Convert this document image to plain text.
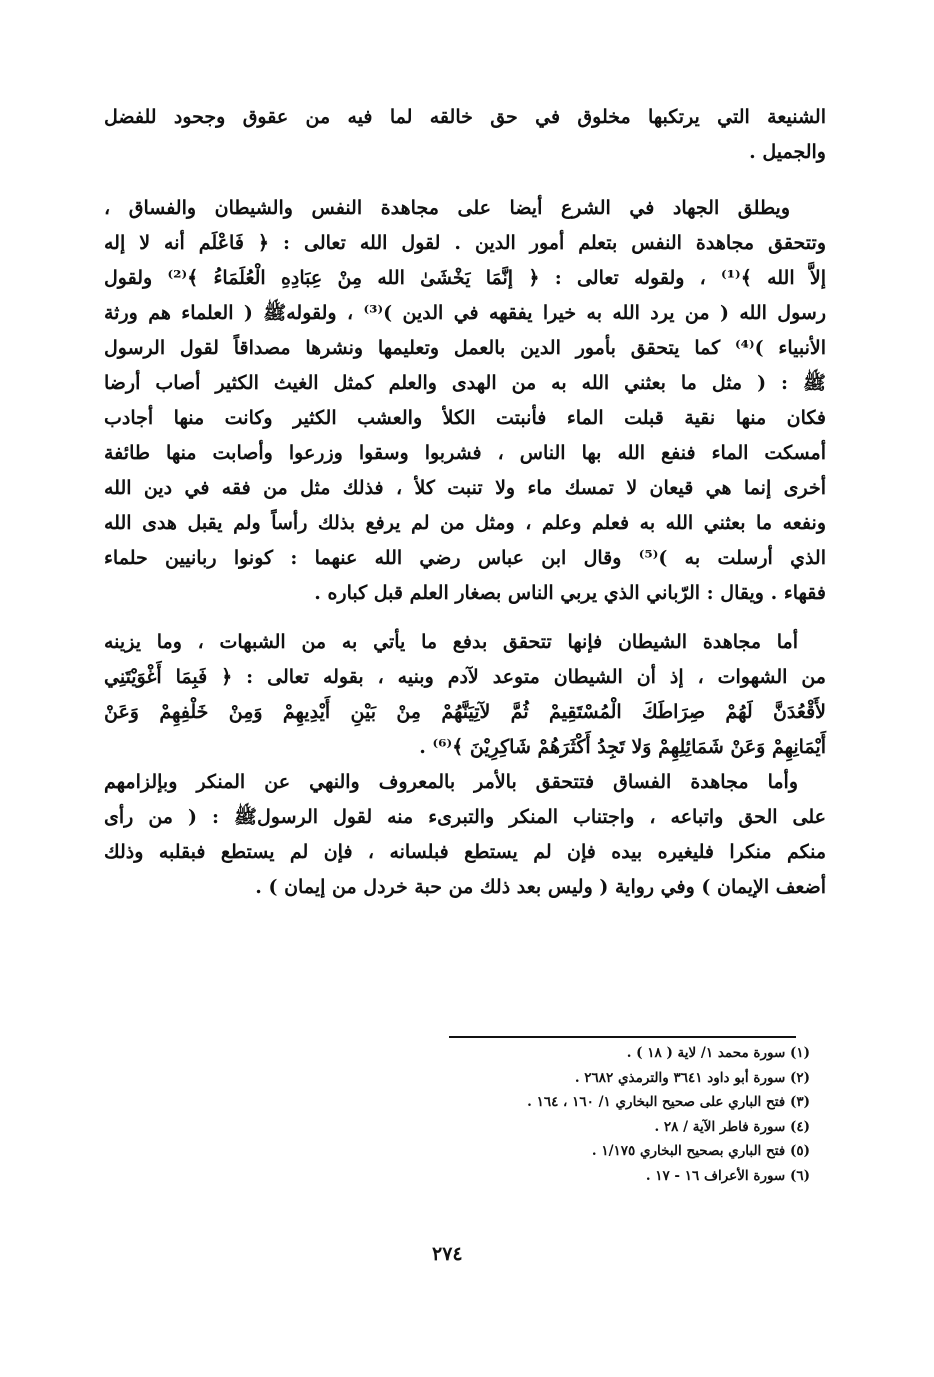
الشنيعة التي يرتكبها مخلوق في حق خالقه لما فيه من عقوق وجحود للفضل
والجميل .
ويطلق الجهاد في الشرع أيضا على مجاهدة النفس والشيطان والفساق ،
وتتحقق مجاهدة النفس بتعلم أمور الدين . لقول الله تعالى : ﴿ فَاعْلَم أنه لا إله
إلاَّ الله ﴾⁽¹⁾ ، ولقوله تعالى : ﴿ إنَّمَا يَخْشَىٰ الله مِنْ عِبَادِهِ الْعُلَمَاءُ ﴾⁽²⁾ ولقول
رسول الله ( من يرد الله به خيرا يفقهه في الدين )⁽³⁾ ، ولقولهﷺ ( العلماء هم ورثة
الأنبياء )⁽⁴⁾ كما يتحقق بأمور الدين بالعمل وتعليمها ونشرها مصداقاً لقول الرسول
ﷺ : ( مثل ما بعثني الله به من الهدى والعلم كمثل الغيث الكثير أصاب أرضا
فكان منها نقية قبلت الماء فأنبتت الكلأ والعشب الكثير وكانت منها أجادب
أمسكت الماء فنفع الله بها الناس ، فشربوا وسقوا وزرعوا وأصابت منها طائفة
أخرى إنما هي قيعان لا تمسك ماء ولا تنبت كلأ ، فذلك مثل من فقه في دين الله
ونفعه ما بعثني الله به فعلم وعلم ، ومثل من لم يرفع بذلك رأساً ولم يقبل هدى الله
الذي أرسلت به )⁽⁵⁾ وقال ابن عباس رضي الله عنهما : كونوا ربانيين حلماء
فقهاء . ويقال : الرّباني الذي يربي الناس بصغار العلم قبل كباره .
أما مجاهدة الشيطان فإنها تتحقق بدفع ما يأتي به من الشبهات ، وما يزينه
من الشهوات ، إذ أن الشيطان متوعد لآدم وبنيه ، بقوله تعالى : ﴿ فَبِمَا أَغْوَيْتَنِي
لأَقْعُدَنَّ لَهُمْ صِرَاطَكَ الْمُسْتَقِيمْ ثُمَّ لآتِيَنَّهُمْ مِنْ بَيْنِ أَيْدِيهِمْ وَمِنْ خَلْفِهِمْ وَعَنْ
أَيْمَانِهِمْ وَعَنْ شَمَائِلِهِمْ وَلا تَجِدُ أَكْثَرَهُمْ شَاكِرِيْنَ ﴾⁽⁶⁾ .
وأما مجاهدة الفساق فتتحقق بالأمر بالمعروف والنهي عن المنكر وبإلزامهم
على الحق واتباعه ، واجتناب المنكر والتبرىء منه لقول الرسولﷺ : ( من رأى
منكم منكرا فليغيره بيده فإن لم يستطع فبلسانه ، فإن لم يستطع فبقلبه وذلك
أضعف الإيمان ) وفي رواية ( وليس بعد ذلك من حبة خردل من إيمان ) .
(١) سورة محمد ١/ لاية ( ١٨ ) .
(٢) سورة أبو داود ٣٦٤١ والترمذي ٢٦٨٢ .
(٣) فتح الباري على صحيح البخاري ١/ ١٦٠ ، ١٦٤ .
(٤) سورة فاطر الآية / ٢٨ .
(٥) فتح الباري بصحيح البخاري ١/١٧٥ .
(٦) سورة الأعراف ١٦ - ١٧ .
٢٧٤
